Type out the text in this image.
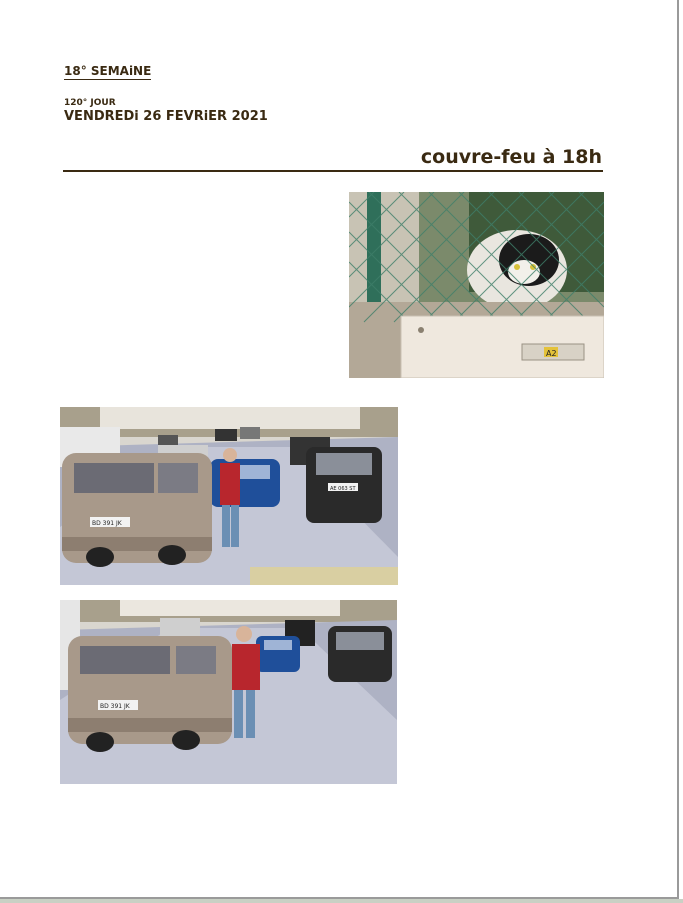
18° SEMAiNE
120° JOUR
VENDREDi 26 FEVRiER 2021
couvre-feu à 18h
A2
AE 063 ST
BD 391 JK
BD 391 JK
